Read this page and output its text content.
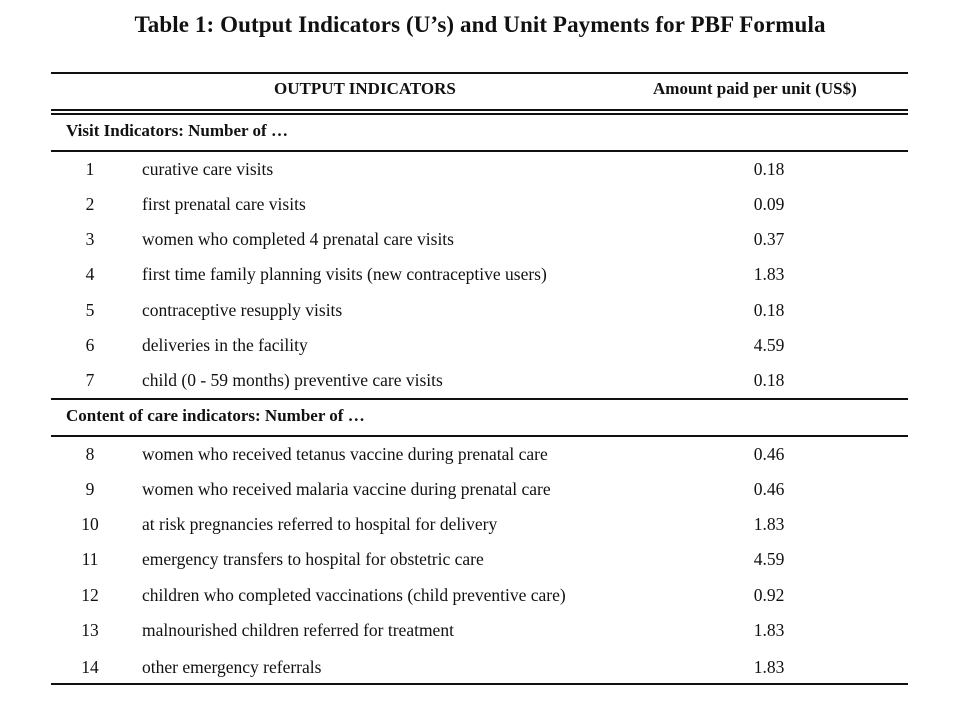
Table 1: Output Indicators (U’s) and Unit Payments for PBF Formula
OUTPUT INDICATORS	Amount paid per unit (US$)
Visit Indicators: Number of …
1	curative care visits	0.18
2	first prenatal care visits	0.09
3	women who completed 4 prenatal care visits	0.37
4	first time family planning visits (new contraceptive users)	1.83
5	contraceptive resupply visits	0.18
6	deliveries in the facility	4.59
7	child (0 - 59 months) preventive care visits	0.18
Content of care indicators: Number of …
8	women who received tetanus vaccine during prenatal care	0.46
9	women who received malaria vaccine during prenatal care	0.46
10	at risk pregnancies referred to hospital for delivery	1.83
11	emergency transfers to hospital for obstetric care	4.59
12	children who completed vaccinations (child preventive care)	0.92
13	malnourished children referred for treatment	1.83
14	other emergency referrals	1.83
